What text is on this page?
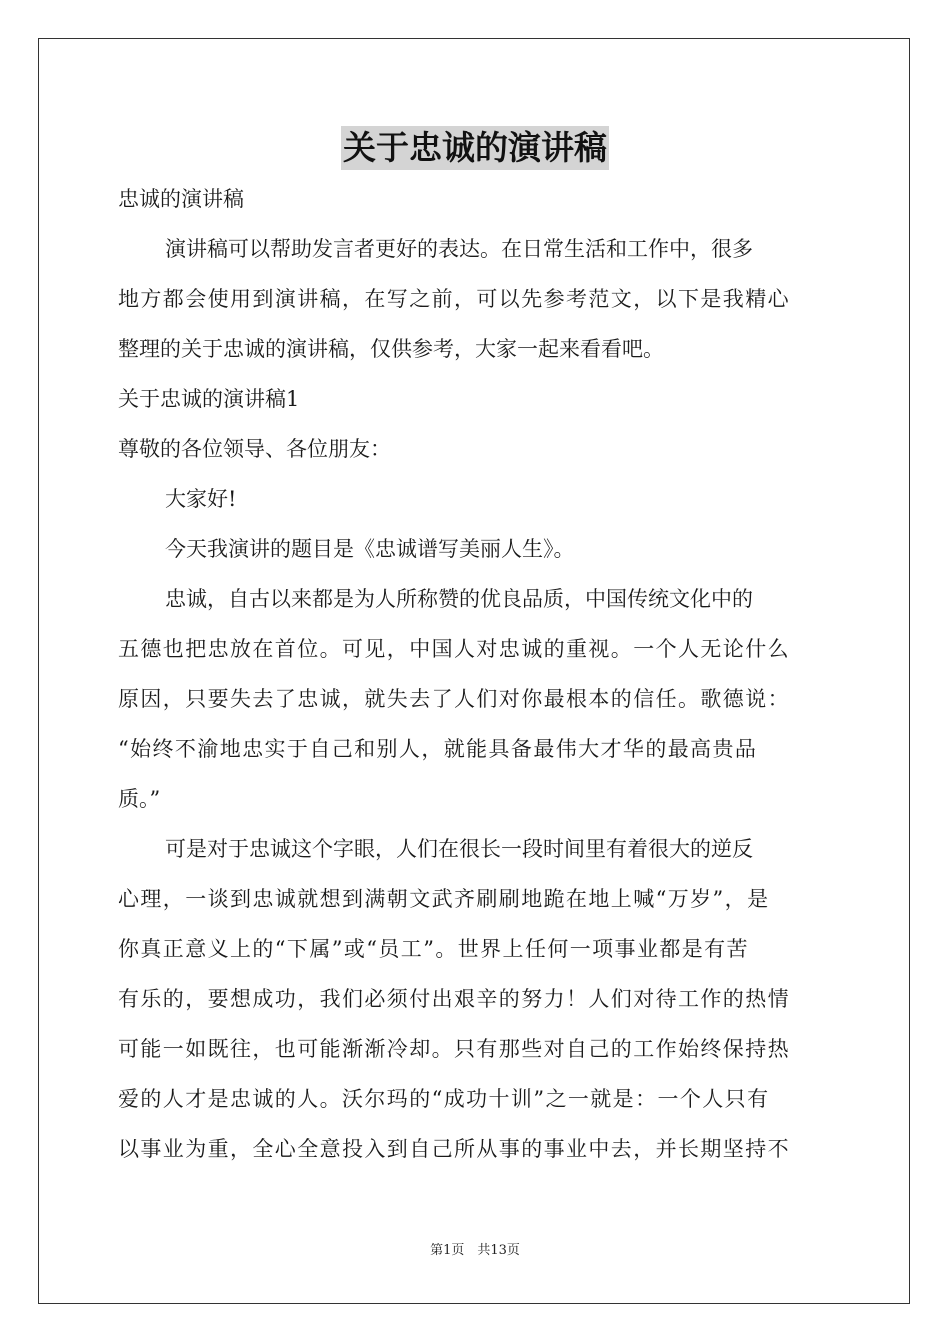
关于忠诚的演讲稿
忠诚的演讲稿
演讲稿可以帮助发言者更好的表达。在日常生活和工作中，很多
地方都会使用到演讲稿，在写之前，可以先参考范文，以下是我精心
整理的关于忠诚的演讲稿，仅供参考，大家一起来看看吧。
关于忠诚的演讲稿1
尊敬的各位领导、各位朋友：
大家好!
今天我演讲的题目是《忠诚谱写美丽人生》。
忠诚，自古以来都是为人所称赞的优良品质，中国传统文化中的
五德也把忠放在首位。可见，中国人对忠诚的重视。一个人无论什么
原因，只要失去了忠诚，就失去了人们对你最根本的信任。歌德说：
“始终不渝地忠实于自己和别人，就能具备最伟大才华的最高贵品
质。”
可是对于忠诚这个字眼，人们在很长一段时间里有着很大的逆反
心理，一谈到忠诚就想到满朝文武齐刷刷地跪在地上喊“万岁”，是
你真正意义上的“下属”或“员工”。世界上任何一项事业都是有苦
有乐的，要想成功，我们必须付出艰辛的努力！人们对待工作的热情
可能一如既往，也可能渐渐冷却。只有那些对自己的工作始终保持热
爱的人才是忠诚的人。沃尔玛的“成功十训”之一就是：一个人只有
以事业为重，全心全意投入到自己所从事的事业中去，并长期坚持不
第1页　共13页
